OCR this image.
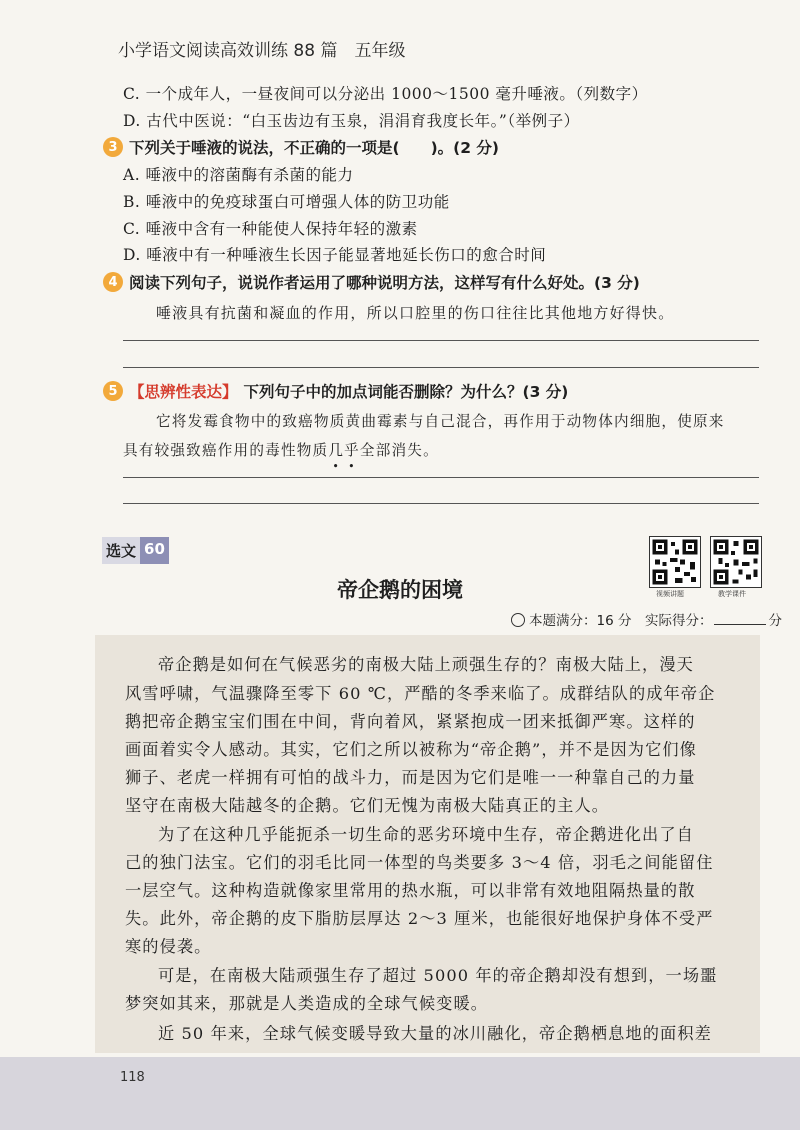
小学语文阅读高效训练 88 篇　五年级
C. 一个成年人，一昼夜间可以分泌出 1000～1500 毫升唾液。（列数字）
D. 古代中医说：“白玉齿边有玉泉，涓涓育我度长年。”（举例子）
3 下列关于唾液的说法，不正确的一项是(　　)。(2 分)
A. 唾液中的溶菌酶有杀菌的能力
B. 唾液中的免疫球蛋白可增强人体的防卫功能
C. 唾液中含有一种能使人保持年轻的激素
D. 唾液中有一种唾液生长因子能显著地延长伤口的愈合时间
4 阅读下列句子，说说作者运用了哪种说明方法，这样写有什么好处。(3 分)
唾液具有抗菌和凝血的作用，所以口腔里的伤口往往比其他地方好得快。
5 【思辨性表达】 下列句子中的加点词能否删除？为什么？(3 分)
它将发霉食物中的致癌物质黄曲霉素与自己混合，再作用于动物体内细胞，使原来
具有较强致癌作用的毒性物质几乎全部消失。
选文 60
帝企鹅的困境	视频讲题	教学课件
本题满分：16 分　实际得分：	分
帝企鹅是如何在气候恶劣的南极大陆上顽强生存的？南极大陆上，漫天
风雪呼啸，气温骤降至零下 60 ℃，严酷的冬季来临了。成群结队的成年帝企
鹅把帝企鹅宝宝们围在中间，背向着风，紧紧抱成一团来抵御严寒。这样的
画面着实令人感动。其实，它们之所以被称为“帝企鹅”，并不是因为它们像
狮子、老虎一样拥有可怕的战斗力，而是因为它们是唯一一种靠自己的力量
坚守在南极大陆越冬的企鹅。它们无愧为南极大陆真正的主人。
为了在这种几乎能扼杀一切生命的恶劣环境中生存，帝企鹅进化出了自
己的独门法宝。它们的羽毛比同一体型的鸟类要多 3～4 倍，羽毛之间能留住
一层空气。这种构造就像家里常用的热水瓶，可以非常有效地阻隔热量的散
失。此外，帝企鹅的皮下脂肪层厚达 2～3 厘米，也能很好地保护身体不受严
寒的侵袭。
可是，在南极大陆顽强生存了超过 5000 年的帝企鹅却没有想到，一场噩
梦突如其来，那就是人类造成的全球气候变暖。
近 50 年来，全球气候变暖导致大量的冰川融化，帝企鹅栖息地的面积差
118
